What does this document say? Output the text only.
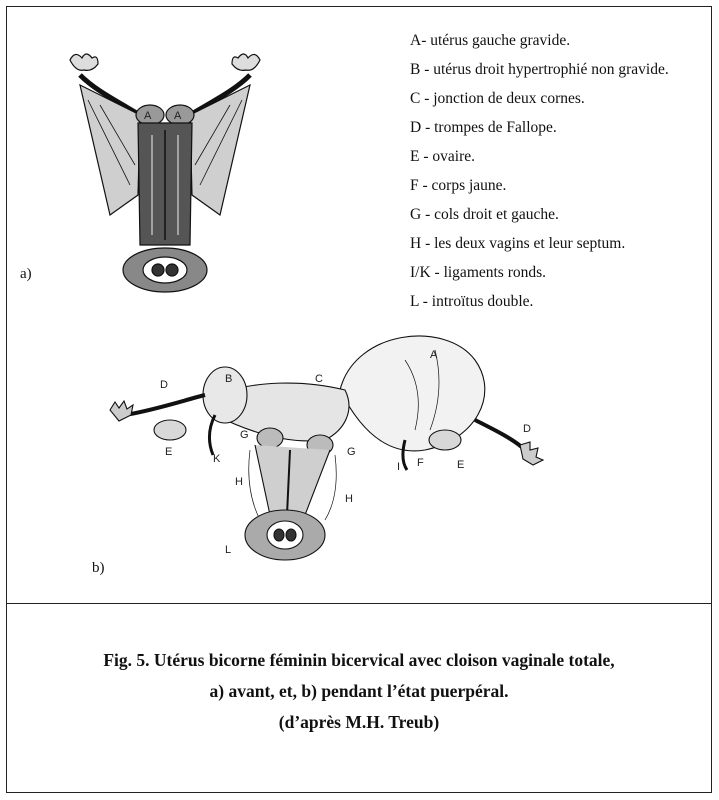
A A
a)
A- utérus gauche gravide.
B - utérus droit hypertrophié non gravide.
C - jonction de deux cornes.
D - trompes de Fallope.
E - ovaire.
F - corps jaune.
G - cols droit et gauche.
H - les deux vagins et leur septum.
I/K - ligaments ronds.
L - introïtus double.
A
B	C
D
D
E
E
F
G
G
H
H
I
K
L
b)
Fig. 5. Utérus bicorne féminin bicervical avec cloison vaginale totale,
a) avant, et, b) pendant l’état puerpéral.
(d’après M.H. Treub)
